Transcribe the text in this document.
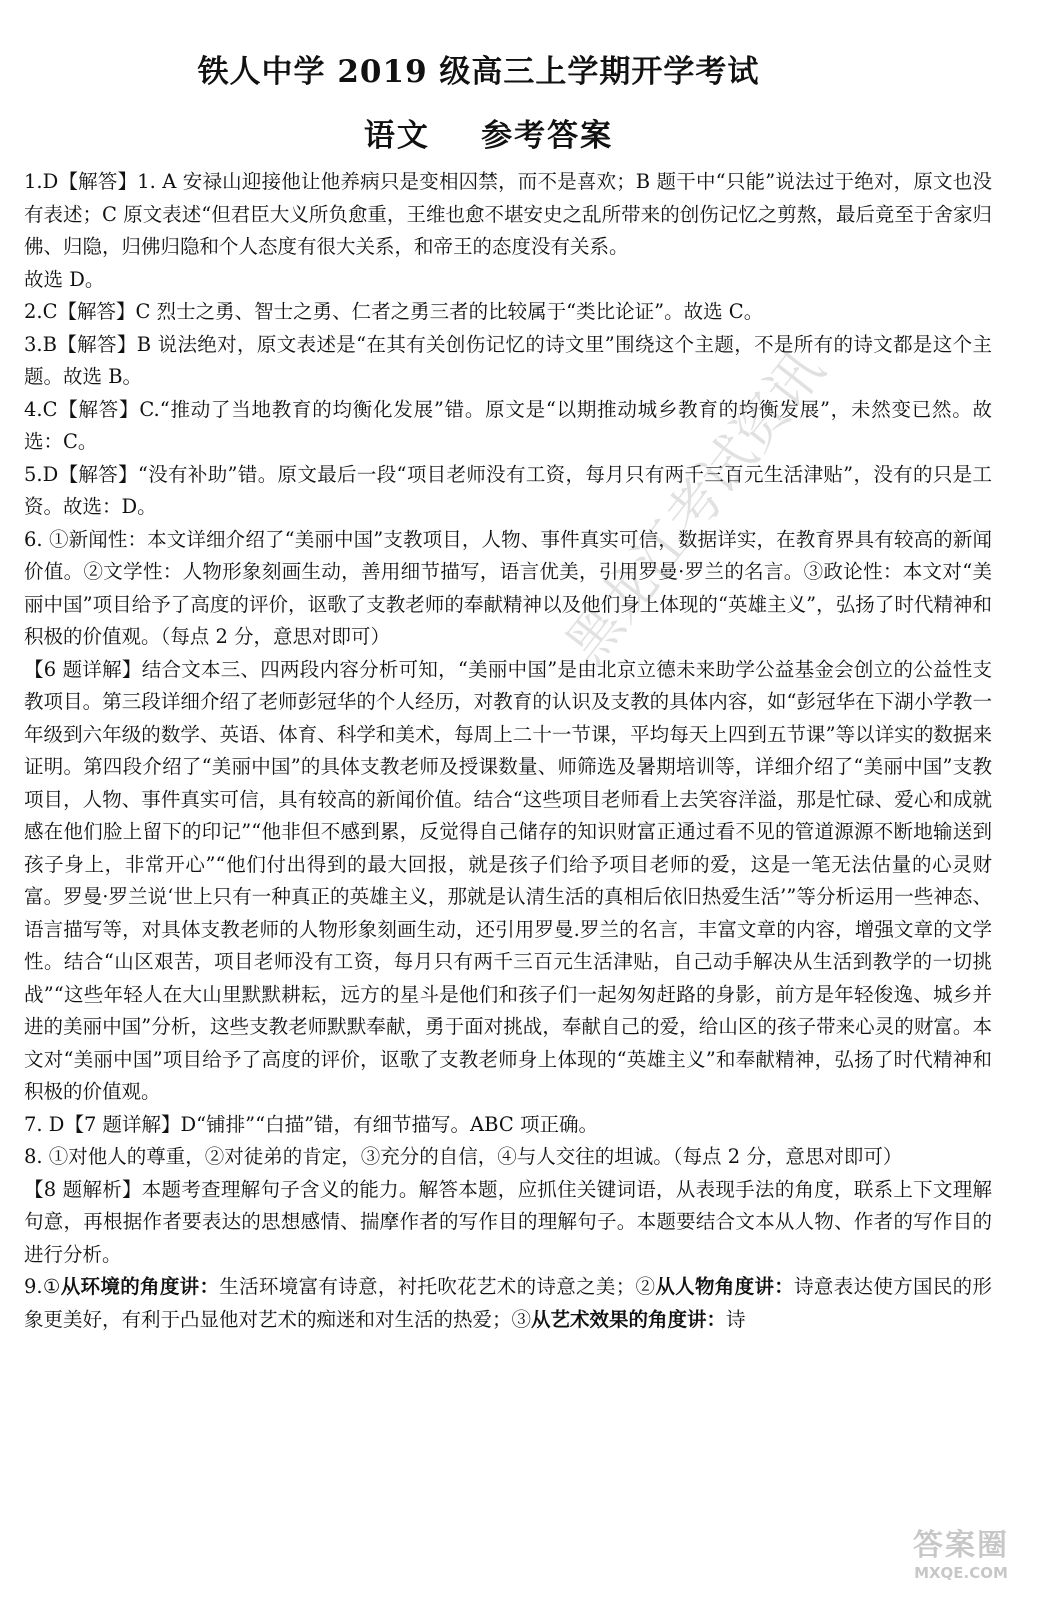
铁人中学 2019 级高三上学期开学考试
语文    参考答案

1.D【解答】1. A 安禄山迎接他让他养病只是变相囚禁，而不是喜欢；B 题干中“只能”说法过于绝对，原文也没有表述；C 原文表述“但君臣大义所负愈重，王维也愈不堪安史之乱所带来的创伤记忆之剪熬，最后竟至于舍家归佛、归隐，归佛归隐和个人态度有很大关系，和帝王的态度没有关系。

故选 D。

2.C【解答】C 烈士之勇、智士之勇、仁者之勇三者的比较属于“类比论证”。故选 C。

3.B【解答】B 说法绝对，原文表述是“在其有关创伤记忆的诗文里”围绕这个主题，不是所有的诗文都是这个主题。故选 B。

4.C【解答】C.“推动了当地教育的均衡化发展”错。原文是“以期推动城乡教育的均衡发展”，未然变已然。故选：C。

5.D【解答】“没有补助”错。原文最后一段“项目老师没有工资，每月只有两千三百元生活津贴”，没有的只是工资。故选：D。

6. ①新闻性：本文详细介绍了“美丽中国”支教项目，人物、事件真实可信，数据详实，在教育界具有较高的新闻价值。②文学性：人物形象刻画生动，善用细节描写，语言优美，引用罗曼·罗兰的名言。③政论性：本文对“美丽中国”项目给予了高度的评价，讴歌了支教老师的奉献精神以及他们身上体现的“英雄主义”，弘扬了时代精神和积极的价值观。（每点 2 分，意思对即可）

【6 题详解】结合文本三、四两段内容分析可知，“美丽中国”是由北京立德未来助学公益基金会创立的公益性支教项目。第三段详细介绍了老师彭冠华的个人经历，对教育的认识及支教的具体内容，如“彭冠华在下湖小学教一年级到六年级的数学、英语、体育、科学和美术，每周上二十一节课，平均每天上四到五节课”等以详实的数据来证明。第四段介绍了“美丽中国”的具体支教老师及授课数量、师筛选及暑期培训等，详细介绍了“美丽中国”支教项目，人物、事件真实可信，具有较高的新闻价值。结合“这些项目老师看上去笑容洋溢，那是忙碌、爱心和成就感在他们脸上留下的印记”“他非但不感到累，反觉得自己储存的知识财富正通过看不见的管道源源不断地输送到孩子身上，非常开心”“他们付出得到的最大回报，就是孩子们给予项目老师的爱，这是一笔无法估量的心灵财富。罗曼·罗兰说‘世上只有一种真正的英雄主义，那就是认清生活的真相后依旧热爱生活’”等分析运用一些神态、语言描写等，对具体支教老师的人物形象刻画生动，还引用罗曼.罗兰的名言，丰富文章的内容，增强文章的文学性。结合“山区艰苦，项目老师没有工资，每月只有两千三百元生活津贴，自己动手解决从生活到教学的一切挑战”“这些年轻人在大山里默默耕耘，远方的星斗是他们和孩子们一起匆匆赶路的身影，前方是年轻俊逸、城乡并进的美丽中国”分析，这些支教老师默默奉献，勇于面对挑战，奉献自己的爱，给山区的孩子带来心灵的财富。本文对“美丽中国”项目给予了高度的评价，讴歌了支教老师身上体现的“英雄主义”和奉献精神，弘扬了时代精神和积极的价值观。

7. D【7 题详解】D“铺排”“白描”错，有细节描写。ABC 项正确。

8. ①对他人的尊重，②对徒弟的肯定，③充分的自信，④与人交往的坦诚。（每点 2 分，意思对即可）

【8 题解析】本题考查理解句子含义的能力。解答本题，应抓住关键词语，从表现手法的角度，联系上下文理解句意，再根据作者要表达的思想感情、揣摩作者的写作目的理解句子。本题要结合文本从人物、作者的写作目的进行分析。

9.①从环境的角度讲：生活环境富有诗意，衬托吹花艺术的诗意之美；②从人物角度讲：诗意表达使方国民的形象更美好，有利于凸显他对艺术的痴迷和对生活的热爱；③从艺术效果的角度讲：诗

黑龙江考试资讯
答案圈
MXQE.COM
